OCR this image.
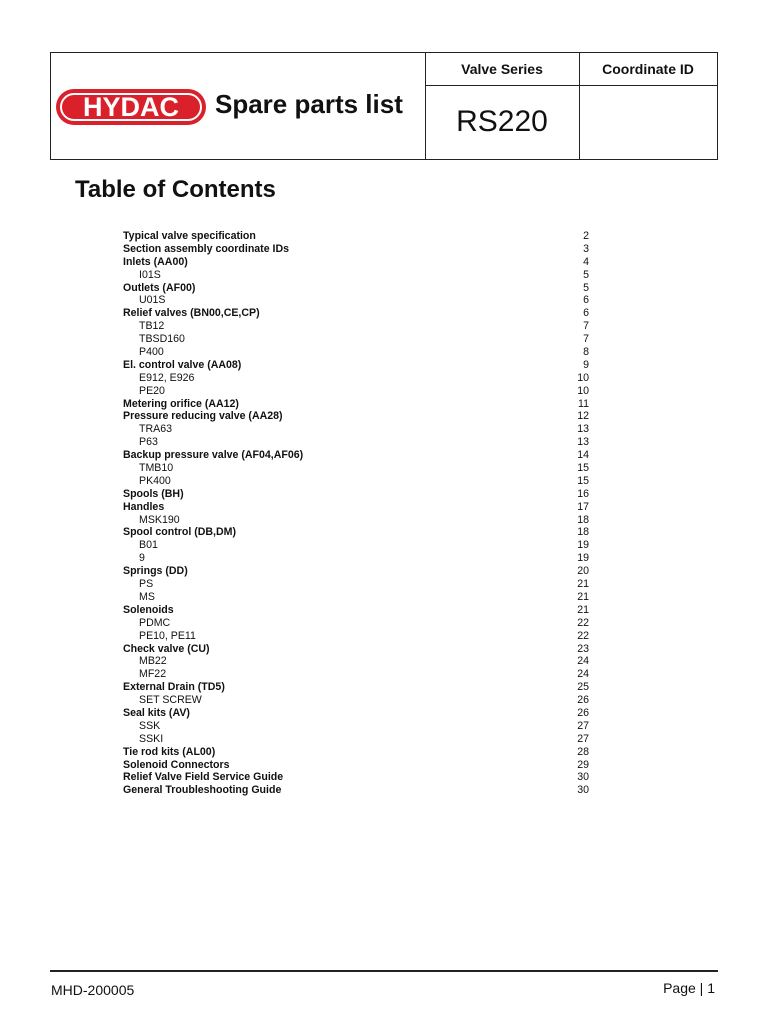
HYDAC	Spare parts list
Valve Series	Coordinate ID
RS220
Table of Contents
Typical valve specification	2
Section assembly coordinate IDs	3
Inlets (AA00)	4
I01S	5
Outlets (AF00)	5
U01S	6
Relief valves (BN00,CE,CP)	6
TB12	7
TBSD160	7
P400	8
El. control valve (AA08)	9
E912, E926	10
PE20	10
Metering orifice (AA12)	11
Pressure reducing valve (AA28)	12
TRA63	13
P63	13
Backup pressure valve (AF04,AF06)	14
TMB10	15
PK400	15
Spools (BH)	16
Handles	17
MSK190	18
Spool control (DB,DM)	18
B01	19
9	19
Springs (DD)	20
PS	21
MS	21
Solenoids	21
PDMC	22
PE10, PE11	22
Check valve (CU)	23
MB22	24
MF22	24
External Drain (TD5)	25
SET SCREW	26
Seal kits (AV)	26
SSK	27
SSKI	27
Tie rod kits (AL00)	28
Solenoid Connectors	29
Relief Valve Field Service Guide	30
General Troubleshooting Guide	30
MHD-200005	Page | 1
